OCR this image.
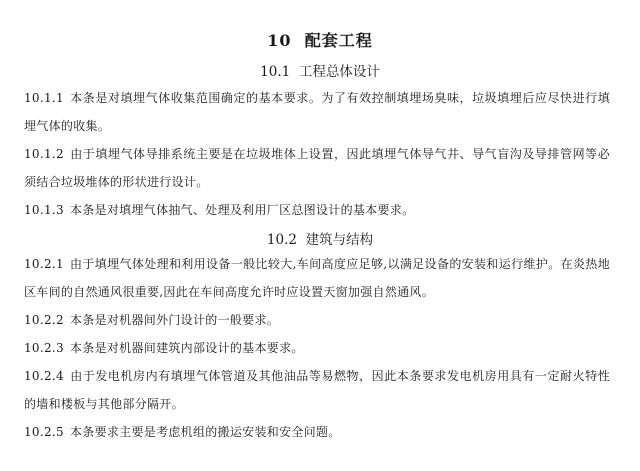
10 配套工程
10.1 工程总体设计
10.1.1 本条是对填埋气体收集范围确定的基本要求。为了有效控制填埋场臭味，垃圾填埋后应尽快进行填埋气体的收集。
10.1.2 由于填埋气体导排系统主要是在垃圾堆体上设置，因此填埋气体导气井、导气盲沟及导排管网等必须结合垃圾堆体的形状进行设计。
10.1.3 本条是对填埋气体抽气、处理及利用厂区总图设计的基本要求。
10.2 建筑与结构
10.2.1 由于填埋气体处理和利用设备一般比较大,车间高度应足够,以满足设备的安装和运行维护。在炎热地区车间的自然通风很重要,因此在车间高度允许时应设置天窗加强自然通风。
10.2.2 本条是对机器间外门设计的一般要求。
10.2.3 本条是对机器间建筑内部设计的基本要求。
10.2.4 由于发电机房内有填埋气体管道及其他油品等易燃物，因此本条要求发电机房用具有一定耐火特性的墙和楼板与其他部分隔开。
10.2.5 本条要求主要是考虑机组的搬运安装和安全问题。
